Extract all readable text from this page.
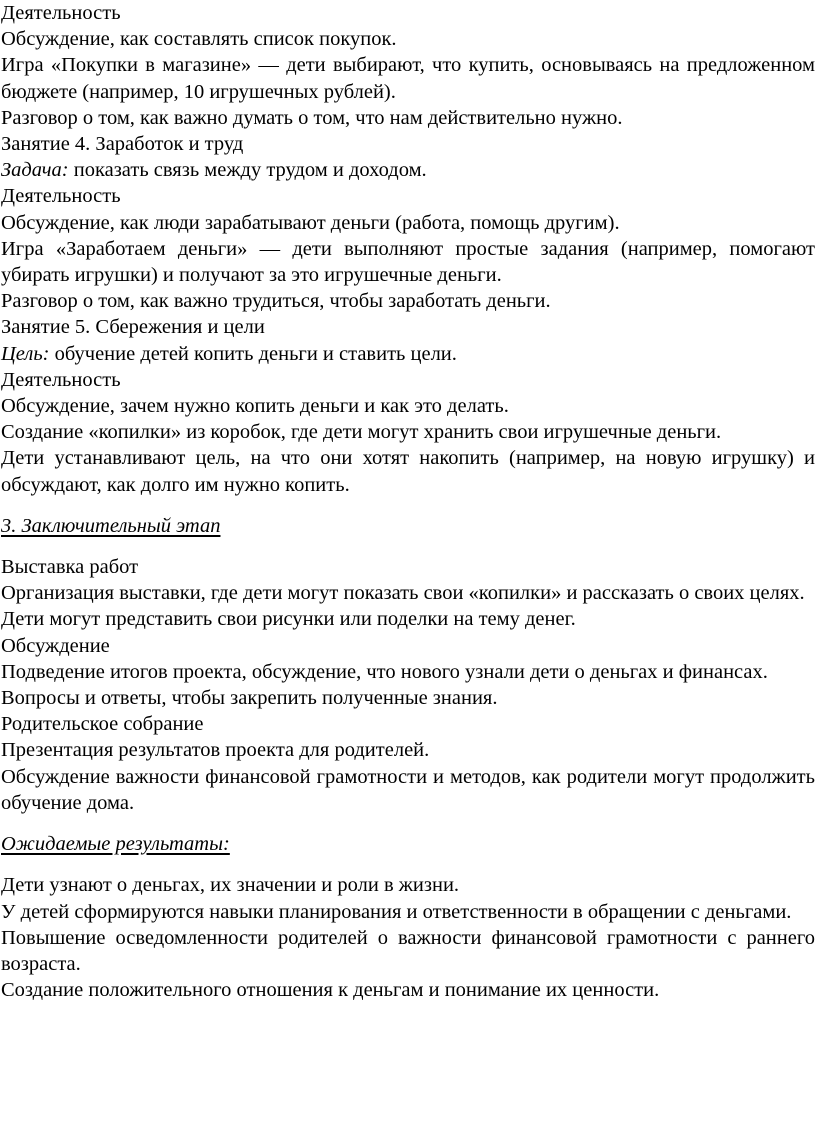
Деятельность

Обсуждение, как составлять список покупок.

Игра «Покупки в магазине» — дети выбирают, что купить, основываясь на предложенном бюджете (например, 10 игрушечных рублей).

Разговор о том, как важно думать о том, что нам действительно нужно.

Занятие 4. Заработок и труд

Задача: показать связь между трудом и доходом.

Деятельность

Обсуждение, как люди зарабатывают деньги (работа, помощь другим).

Игра «Заработаем деньги» — дети выполняют простые задания (например, помогают убирать игрушки) и получают за это игрушечные деньги.

Разговор о том, как важно трудиться, чтобы заработать деньги.

Занятие 5. Сбережения и цели

Цель: обучение детей копить деньги и ставить цели.

Деятельность

Обсуждение, зачем нужно копить деньги и как это делать.

Создание «копилки» из коробок, где дети могут хранить свои игрушечные деньги.

Дети устанавливают цель, на что они хотят накопить (например, на новую игрушку) и обсуждают, как долго им нужно копить.

3. Заключительный этап

Выставка работ

Организация выставки, где дети могут показать свои «копилки» и рассказать о своих целях.

Дети могут представить свои рисунки или поделки на тему денег.

Обсуждение

Подведение итогов проекта, обсуждение, что нового узнали дети о деньгах и финансах.

Вопросы и ответы, чтобы закрепить полученные знания.

Родительское собрание

Презентация результатов проекта для родителей.

Обсуждение важности финансовой грамотности и методов, как родители могут продолжить обучение дома.

Ожидаемые результаты:

Дети узнают о деньгах, их значении и роли в жизни.

У детей сформируются навыки планирования и ответственности в обращении с деньгами.

Повышение осведомленности родителей о важности финансовой грамотности с раннего возраста.

Создание положительного отношения к деньгам и понимание их ценности.
